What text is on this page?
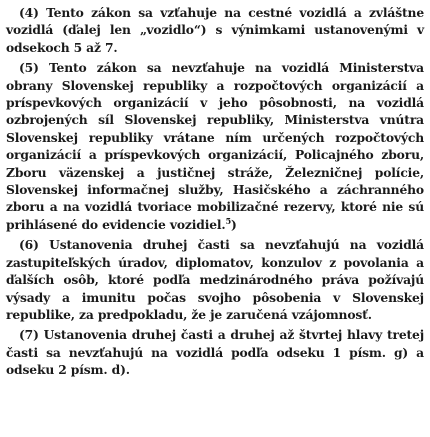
(4) Tento zákon sa vzťahuje na cestné vozidlá a zvláštne vozidlá (ďalej len „vozidlo“) s výnimkami ustanovenými v odsekoch 5 až 7.

(5) Tento zákon sa nevzťahuje na vozidlá Ministerstva obrany Slovenskej republiky a rozpočtových organizácií a príspevkových organizácií v jeho pôsobnosti, na vozidlá ozbrojených síl Slovenskej republiky, Ministerstva vnútra Slovenskej republiky vrátane ním určených rozpočtových organizácií a príspevkových organizácií, Policajného zboru, Zboru väzenskej a justičnej stráže, Železničnej polície, Slovenskej informačnej služby, Hasičského a záchranného zboru a na vozidlá tvoriace mobilizačné rezervy, ktoré nie sú prihlásené do evidencie vozidiel.$^5$)

(6) Ustanovenia druhej časti sa nevzťahujú na vozidlá zastupiteľských úradov, diplomatov, konzulov z povolania a ďalších osôb, ktoré podľa medzinárodného práva požívajú výsady a imunitu počas svojho pôsobenia v Slovenskej republike, za predpokladu, že je zaručená vzájomnosť.

(7) Ustanovenia druhej časti a druhej až štvrtej hlavy tretej časti sa nevzťahujú na vozidlá podľa odseku 1 písm. g) a odseku 2 písm. d).
